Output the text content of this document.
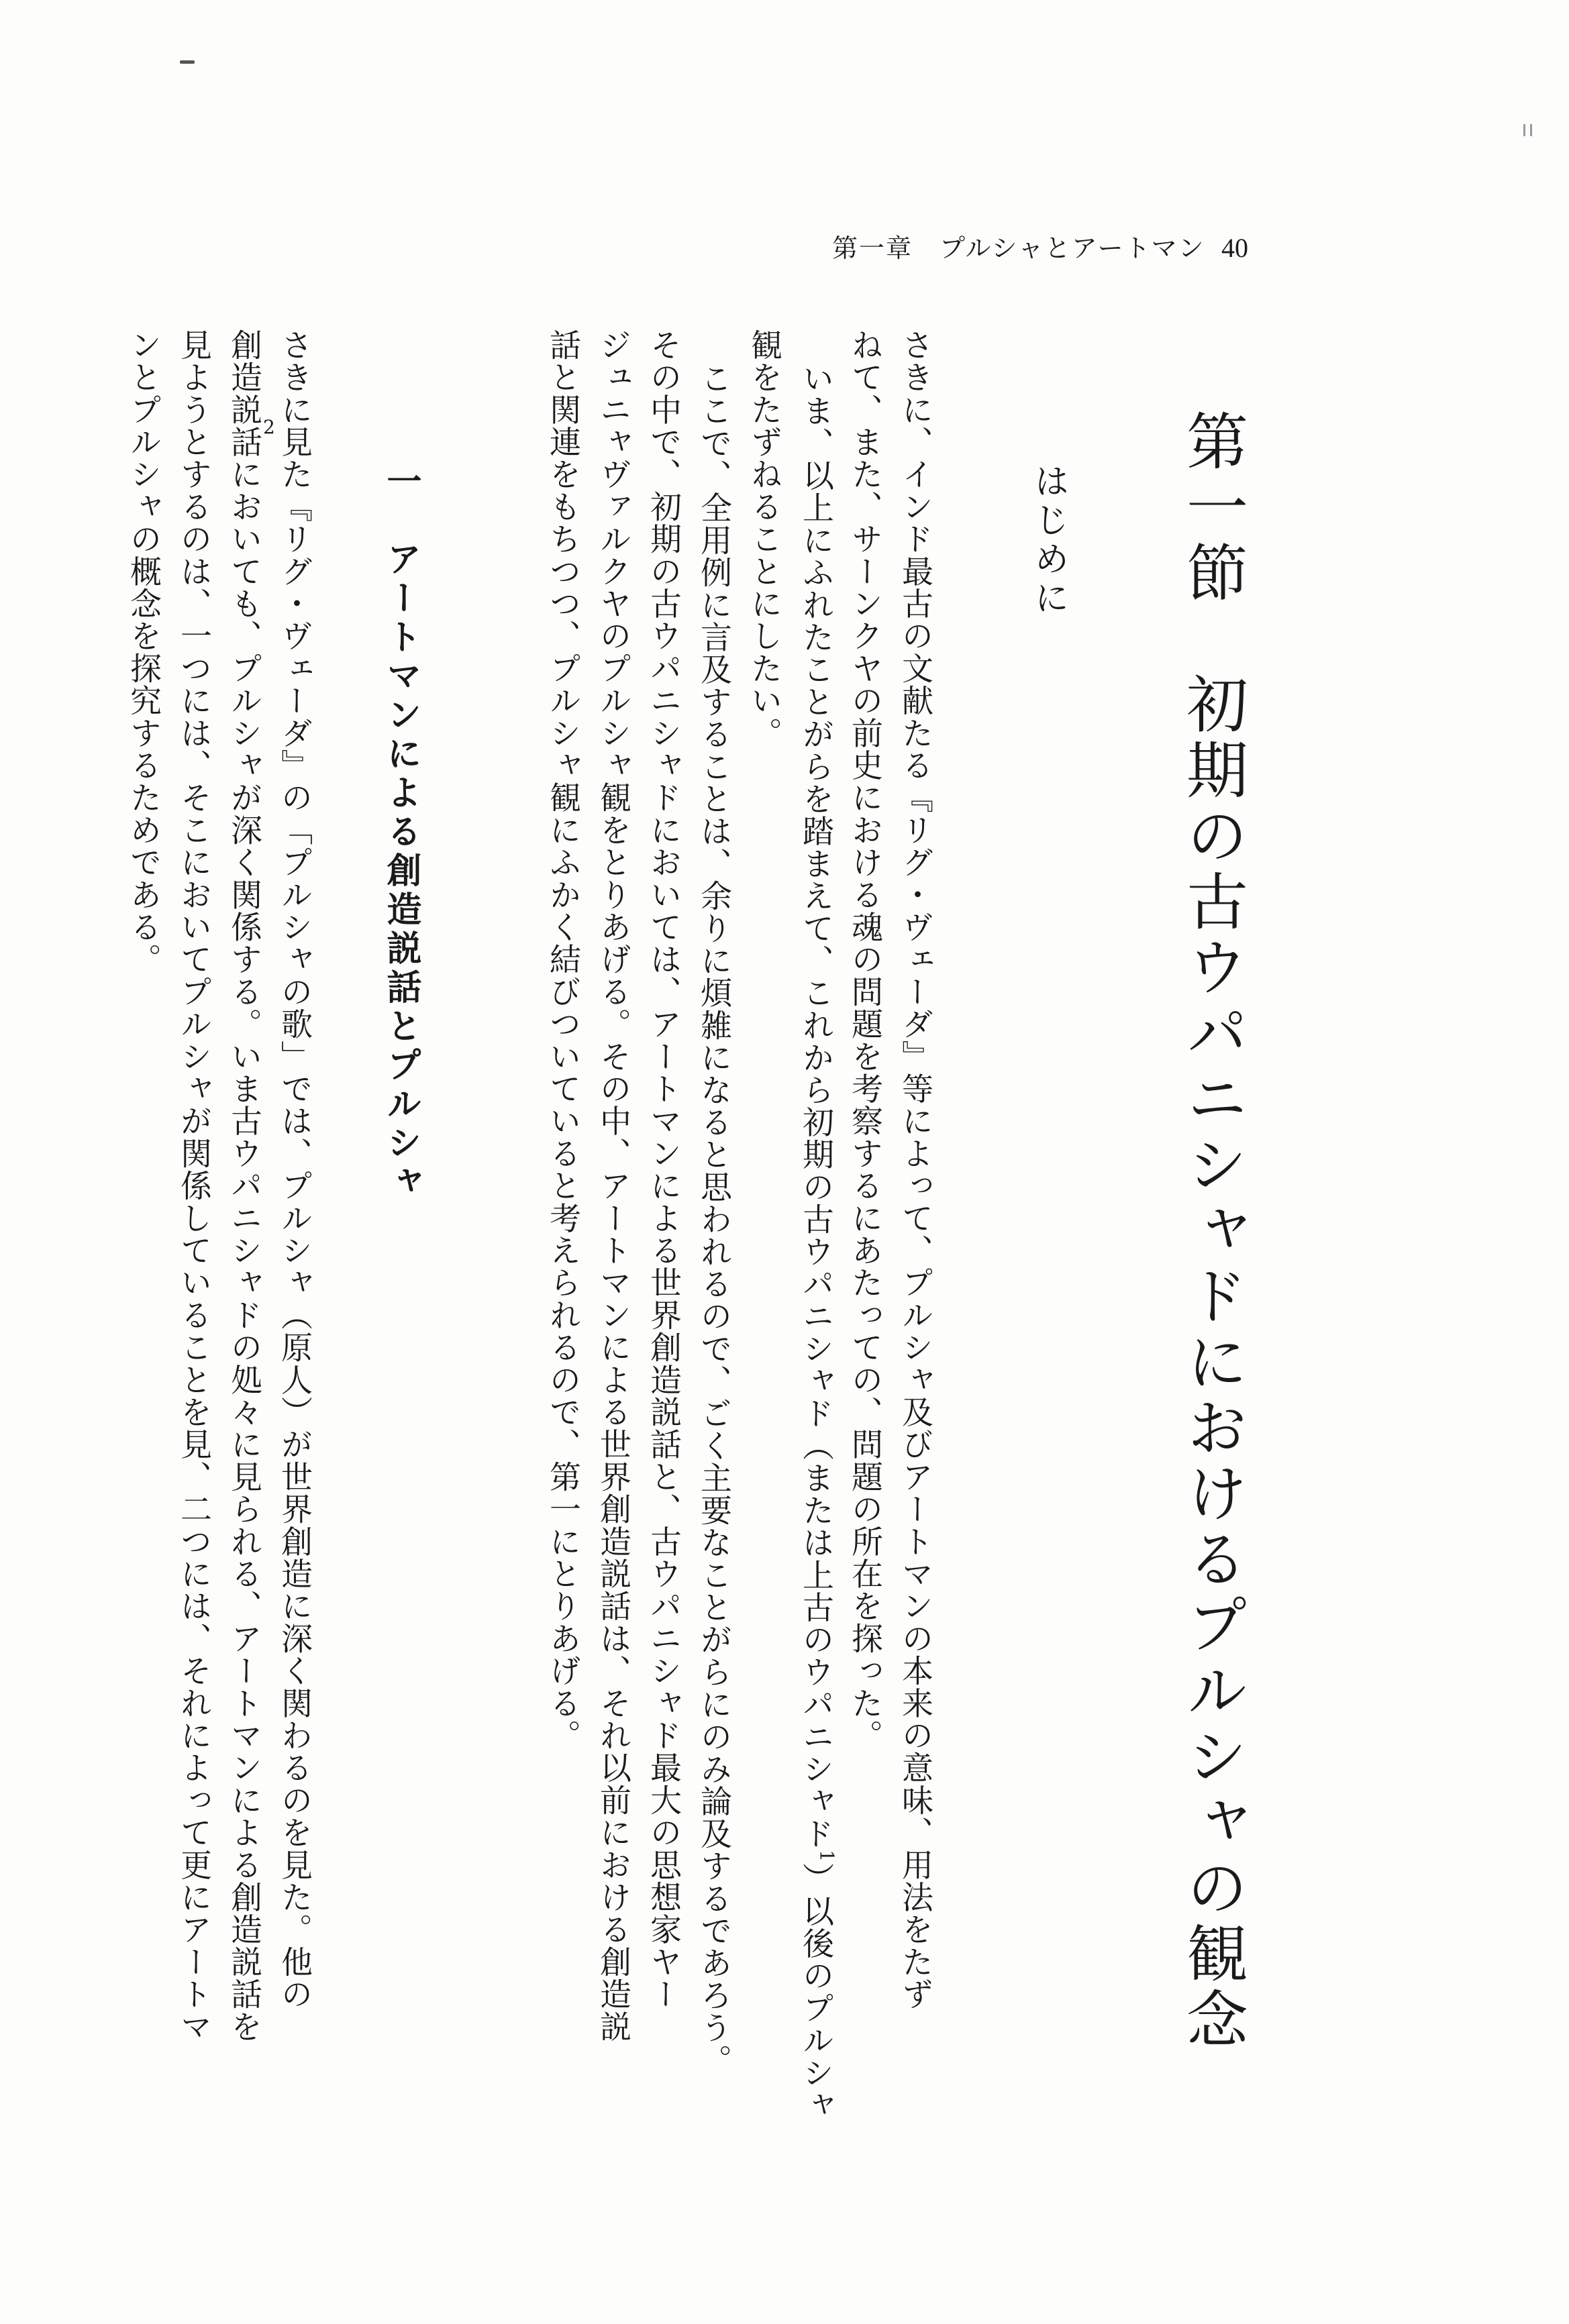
第一章　プルシャとアートマン 40
第一節　初期の古ウパニシャドにおけるプルシャの観念
はじめに
さきに、インド最古の文献たる『リグ・ヴェーダ』等によって、プルシャ及びアートマンの本来の意味、用法をたず
ねて、また、サーンクヤの前史における魂の問題を考察するにあたっての、問題の所在を探った。
いま、以上にふれたことがらを踏まえて、これから初期の古ウパニシャド（または上古のウパニシャド$^1$）以後のプルシャ
観をたずねることにしたい。
ここで、全用例に言及することは、余りに煩雑になると思われるので、ごく主要なことがらにのみ論及するであろう。
その中で、初期の古ウパニシャドにおいては、アートマンによる世界創造説話と、古ウパニシャド最大の思想家ヤー
ジュニャヴァルクヤのプルシャ観をとりあげる。その中、アートマンによる世界創造説話は、それ以前における創造説
話と関連をもちつつ、プルシャ観にふかく結びついていると考えられるので、第一にとりあげる。
一　アートマンによる創造説話とプルシャ
さきに見た『リグ・ヴェーダ』の「プルシャの歌」では、プルシャ（原人）が世界創造に深く関わるのを見た。他の
創造説話においても、プルシャが深く関係する。いま古ウパニシャドの処々に見られる、アートマンによる創造説話を 2
見ようとするのは、一つには、そこにおいてプルシャが関係していることを見、二つには、それによって更にアートマ
ンとプルシャの概念を探究するためである。
